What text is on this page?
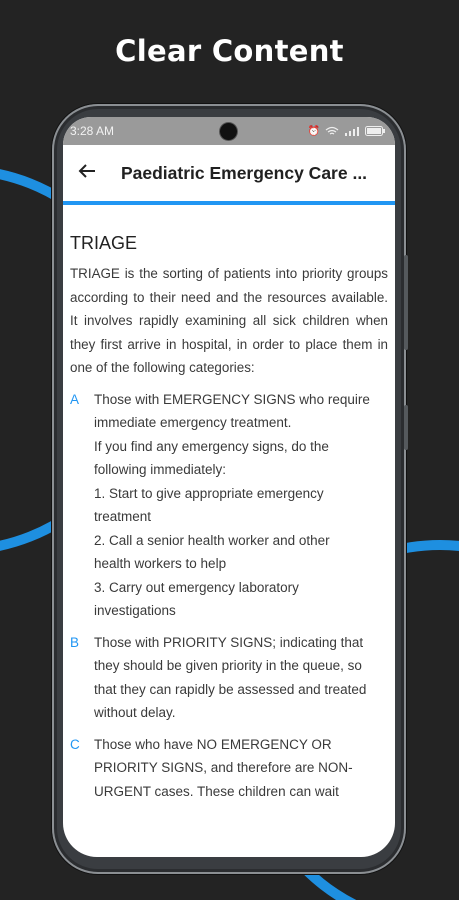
Clear Content
3:28 AM	⏰
Paediatric Emergency Care ...
TRIAGE
TRIAGE is the sorting of patients into priority groups according to their need and the resources available. It involves rapidly examining all sick children when they first arrive in hospital, in order to place them in one of the following categories:
A	Those with EMERGENCY SIGNS who require immediate emergency treatment.
If you find any emergency signs, do the following immediately:
1. Start to give appropriate emergency treatment
2. Call a senior health worker and other health workers to help
3. Carry out emergency laboratory investigations
B	Those with PRIORITY SIGNS; indicating that they should be given priority in the queue, so that they can rapidly be assessed and treated without delay.
C	Those who have NO EMERGENCY OR PRIORITY SIGNS, and therefore are NON-URGENT cases. These children can wait
